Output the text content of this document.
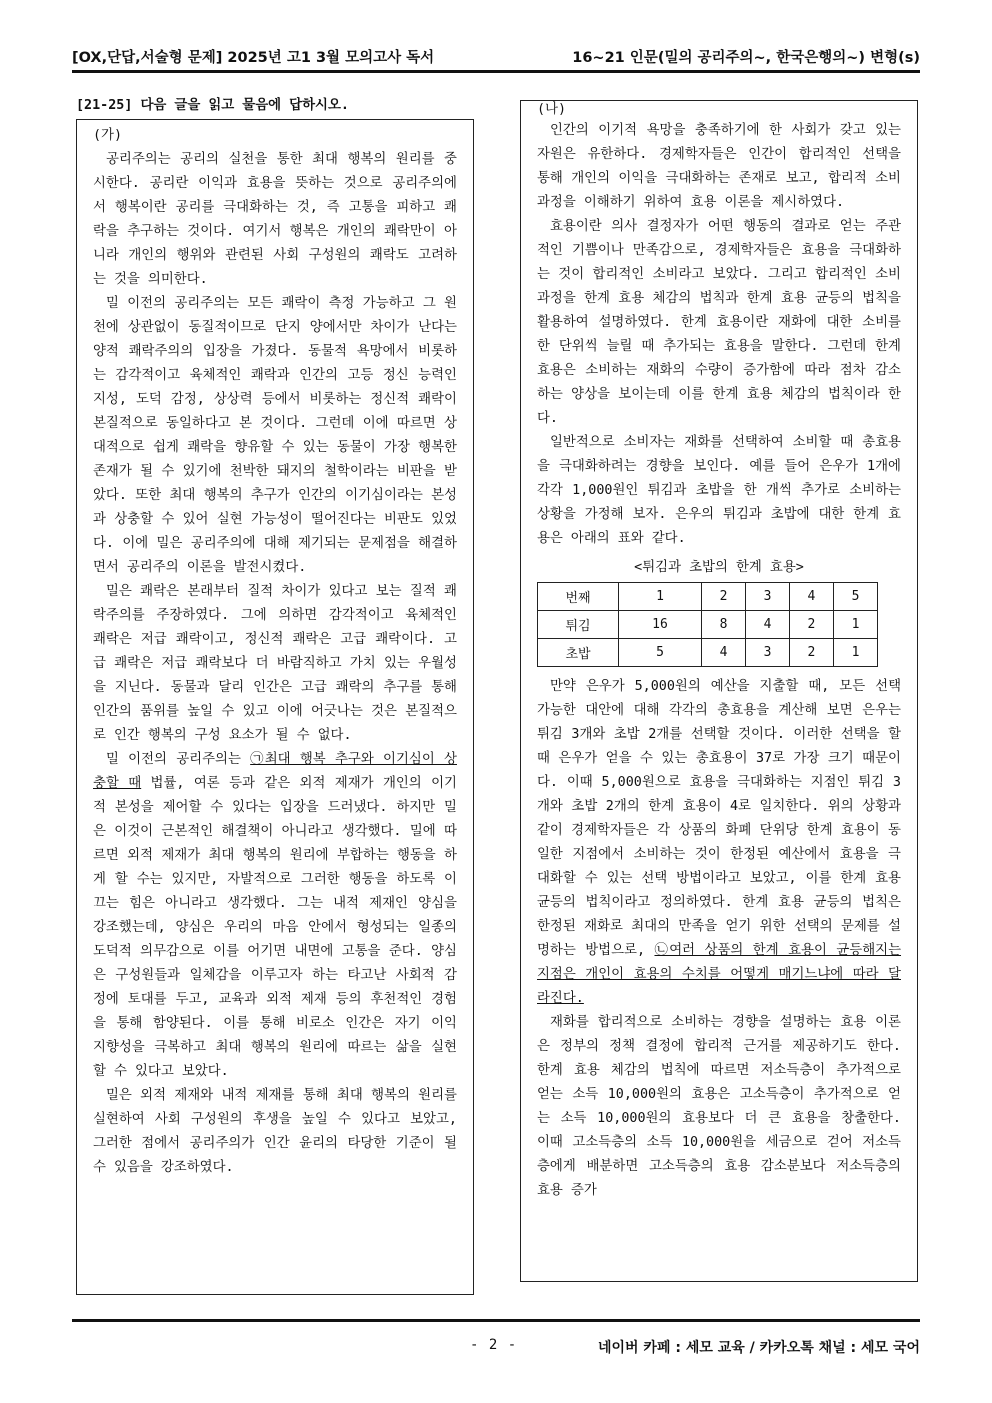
[OX,단답,서술형 문제] 2025년 고1 3월 모의고사 독서	16~21 인문(밀의 공리주의~, 한국은행의~) 변형(s)
[21-25] 다음 글을 읽고 물음에 답하시오.
(가)

공리주의는 공리의 실천을 통한 최대 행복의 원리를 중시한다. 공리란 이익과 효용을 뜻하는 것으로 공리주의에서 행복이란 공리를 극대화하는 것, 즉 고통을 피하고 쾌락을 추구하는 것이다. 여기서 행복은 개인의 쾌락만이 아니라 개인의 행위와 관련된 사회 구성원의 쾌락도 고려하는 것을 의미한다.

밀 이전의 공리주의는 모든 쾌락이 측정 가능하고 그 원천에 상관없이 동질적이므로 단지 양에서만 차이가 난다는 양적 쾌락주의의 입장을 가졌다. 동물적 욕망에서 비롯하는 감각적이고 육체적인 쾌락과 인간의 고등 정신 능력인 지성, 도덕 감정, 상상력 등에서 비롯하는 정신적 쾌락이 본질적으로 동일하다고 본 것이다. 그런데 이에 따르면 상대적으로 쉽게 쾌락을 향유할 수 있는 동물이 가장 행복한 존재가 될 수 있기에 천박한 돼지의 철학이라는 비판을 받았다. 또한 최대 행복의 추구가 인간의 이기심이라는 본성과 상충할 수 있어 실현 가능성이 떨어진다는 비판도 있었다. 이에 밀은 공리주의에 대해 제기되는 문제점을 해결하면서 공리주의 이론을 발전시켰다.

밀은 쾌락은 본래부터 질적 차이가 있다고 보는 질적 쾌락주의를 주장하였다. 그에 의하면 감각적이고 육체적인 쾌락은 저급 쾌락이고, 정신적 쾌락은 고급 쾌락이다. 고급 쾌락은 저급 쾌락보다 더 바람직하고 가치 있는 우월성을 지닌다. 동물과 달리 인간은 고급 쾌락의 추구를 통해 인간의 품위를 높일 수 있고 이에 어긋나는 것은 본질적으로 인간 행복의 구성 요소가 될 수 없다.

밀 이전의 공리주의는 ㉠최대 행복 추구와 이기심이 상충할 때 법률, 여론 등과 같은 외적 제재가 개인의 이기적 본성을 제어할 수 있다는 입장을 드러냈다. 하지만 밀은 이것이 근본적인 해결책이 아니라고 생각했다. 밀에 따르면 외적 제재가 최대 행복의 원리에 부합하는 행동을 하게 할 수는 있지만, 자발적으로 그러한 행동을 하도록 이끄는 힘은 아니라고 생각했다. 그는 내적 제재인 양심을 강조했는데, 양심은 우리의 마음 안에서 형성되는 일종의 도덕적 의무감으로 이를 어기면 내면에 고통을 준다. 양심은 구성원들과 일체감을 이루고자 하는 타고난 사회적 감정에 토대를 두고, 교육과 외적 제재 등의 후천적인 경험을 통해 함양된다. 이를 통해 비로소 인간은 자기 이익 지향성을 극복하고 최대 행복의 원리에 따르는 삶을 실현할 수 있다고 보았다.

밀은 외적 제재와 내적 제재를 통해 최대 행복의 원리를 실현하여 사회 구성원의 후생을 높일 수 있다고 보았고, 그러한 점에서 공리주의가 인간 윤리의 타당한 기준이 될 수 있음을 강조하였다.

(나)

인간의 이기적 욕망을 충족하기에 한 사회가 갖고 있는 자원은 유한하다. 경제학자들은 인간이 합리적인 선택을 통해 개인의 이익을 극대화하는 존재로 보고, 합리적 소비 과정을 이해하기 위하여 효용 이론을 제시하였다.

효용이란 의사 결정자가 어떤 행동의 결과로 얻는 주관적인 기쁨이나 만족감으로, 경제학자들은 효용을 극대화하는 것이 합리적인 소비라고 보았다. 그리고 합리적인 소비 과정을 한계 효용 체감의 법칙과 한계 효용 균등의 법칙을 활용하여 설명하였다. 한계 효용이란 재화에 대한 소비를 한 단위씩 늘릴 때 추가되는 효용을 말한다. 그런데 한계 효용은 소비하는 재화의 수량이 증가함에 따라 점차 감소하는 양상을 보이는데 이를 한계 효용 체감의 법칙이라 한다.

일반적으로 소비자는 재화를 선택하여 소비할 때 총효용을 극대화하려는 경향을 보인다. 예를 들어 은우가 1개에 각각 1,000원인 튀김과 초밥을 한 개씩 추가로 소비하는 상황을 가정해 보자. 은우의 튀김과 초밥에 대한 한계 효용은 아래의 표와 같다.

<튀김과 초밥의 한계 효용>
번째	1	2	3	4	5
튀김	16	8	4	2	1
초밥	5	4	3	2	1

만약 은우가 5,000원의 예산을 지출할 때, 모든 선택 가능한 대안에 대해 각각의 총효용을 계산해 보면 은우는 튀김 3개와 초밥 2개를 선택할 것이다. 이러한 선택을 할 때 은우가 얻을 수 있는 총효용이 37로 가장 크기 때문이다. 이때 5,000원으로 효용을 극대화하는 지점인 튀김 3개와 초밥 2개의 한계 효용이 4로 일치한다. 위의 상황과 같이 경제학자들은 각 상품의 화폐 단위당 한계 효용이 동일한 지점에서 소비하는 것이 한정된 예산에서 효용을 극대화할 수 있는 선택 방법이라고 보았고, 이를 한계 효용 균등의 법칙이라고 정의하였다. 한계 효용 균등의 법칙은 한정된 재화로 최대의 만족을 얻기 위한 선택의 문제를 설명하는 방법으로, ㉡여러 상품의 한계 효용이 균등해지는 지점은 개인이 효용의 수치를 어떻게 매기느냐에 따라 달라진다.

재화를 합리적으로 소비하는 경향을 설명하는 효용 이론은 정부의 정책 결정에 합리적 근거를 제공하기도 한다. 한계 효용 체감의 법칙에 따르면 저소득층이 추가적으로 얻는 소득 10,000원의 효용은 고소득층이 추가적으로 얻는 소득 10,000원의 효용보다 더 큰 효용을 창출한다. 이때 고소득층의 소득 10,000원을 세금으로 걷어 저소득층에게 배분하면 고소득층의 효용 감소분보다 저소득층의 효용 증가

- 2 -	네이버 카페 : 세모 교육 / 카카오톡 채널 : 세모 국어
